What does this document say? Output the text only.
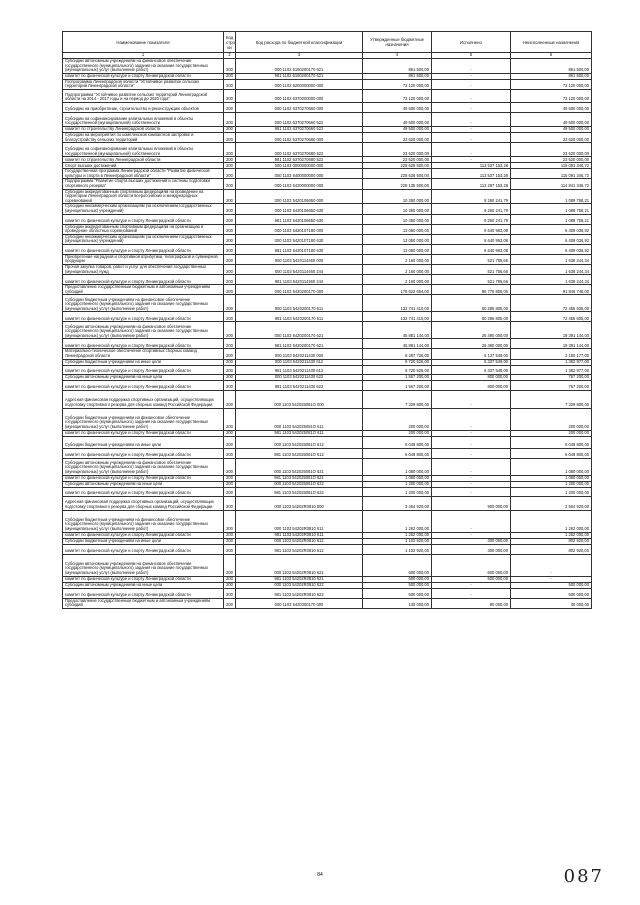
Наименование показателя	Код стро ки	Код расхода по бюджетной классификации	Утвержденные бюджетные назначения	Исполнено	Неисполненные назначения
1	2	3	4	5	6
Субсидии автономным учреждениям на финансовое обеспечение государственного (муниципального) задания на оказание государственных (муниципальных) услуг (выполнение работ)	200	000 1102 6160200170 621	861 500,00	-	861 500,00
комитет по физической культуре и спорту Ленинградской области	200	981 1102 6160200170 621	861 500,00	-	861 500,00
Госпрограмма Ленинградской области "Устойчивое развитие сельских территорий Ленинградской области"	200	000 1102 6200000000 000	73 120 000,00	-	73 120 000,00
Подпрограмма "Устойчивое развитие сельских территорий Ленинградской области на 2014 - 2017 годы и на период до 2020 года"	200	000 1102 6370000000 000	73 120 000,00	-	73 120 000,00
Субсидии на приобретение, строительство и реконструкцию объектов	200	000 1102 6370270660 000	49 500 000,00	-	49 500 000,00
Субсидии на софинансирование капитальных вложений в объекты государственной (муниципальной) собственности	200	000 1102 6370270660 522	49 500 000,00	-	49 500 000,00
комитет по строительству Ленинградской области	200	981 1102 6370270660 522	49 500 000,00	-	49 500 000,00
Субсидии на мероприятия по комплексной компактной застройке и благоустройству сельских территорий	200	000 1102 6370270680 000	23 620 000,00	-	23 620 000,00
Субсидии на софинансирование капитальных вложений в объекты государственной (муниципальной) собственности	200	000 1102 6370270680 522	23 620 000,00	-	23 620 000,00
комитет по строительству Ленинградской области	200	981 1102 6370270680 522	23 620 000,00	-	23 620 000,00
Спорт высших достижений	200	000 1103 0000000000 000	228 628 500,00	113 537 153,28	115 091 346,72
Государственная программа Ленинградской области "Развитие физической культуры и спорта в Ленинградской области"	200	000 1103 5400000000 000	228 628 500,00	113 537 153,28	115 091 346,72
Подпрограмма "Развитие спорта высших достижений и системы подготовки спортивного резерва"	200	000 1103 5420000000 000	228 135 500,00	113 297 153,28	114 841 346,72
Субсидии аккредитованным спортивным федерациям на проведение на территории Ленинградской области всероссийских и международных соревнований	200	000 1103 5420106650 000	10 350 000,00	9 260 241,79	1 089 758,21
Субсидии некоммерческим организациям (за исключением государственных (муниципальных) учреждений)	200	000 1103 5420106650 630	10 350 000,00	9 260 241,79	1 089 758,21
комитет по физической культуре и спорту Ленинградской области	200	981 1103 5420106650 630	10 350 000,00	9 260 241,79	1 089 758,21
Субсидии аккредитованным спортивным федерациям на организацию и проведение областных соревнований	200	000 1103 5420107180 000	13 050 000,00	6 640 963,08	6 409 036,92
Субсидии некоммерческим организациям (за исключением государственных (муниципальных) учреждений)	200	000 1103 5420107180 630	13 050 000,00	6 640 963,08	6 409 036,92
комитет по физической культуре и спорту Ленинградской области	200	981 1103 5420107180 630	13 050 000,00	6 640 963,08	6 409 036,92
Приобретение наградной и спортивной атрибутики, типографской и сувенирной продукции	200	000 1103 5420114460 000	2 160 000,00	521 755,66	1 638 244,34
Прочая закупка товаров, работ и услуг для обеспечения государственных (муниципальных) нужд	200	000 1103 5420114460 244	2 160 000,00	521 755,66	1 638 244,34
комитет по физической культуре и спорту Ленинградской области	200	981 1103 5420114460 244	2 160 000,00	521 755,66	1 638 244,34
Предоставление государственным бюджетным и автономным учреждениям субсидий	200	000 1103 5420200170 000	178 622 654,00	86 775 806,00	91 846 748,00
Субсидии бюджетным учреждениям на финансовое обеспечение государственного (муниципального) задания на оказание государственных (муниципальных) услуг (выполнение работ)	200	000 1103 5420200170 611	132 741 410,00	60 285 805,00	72 455 605,00
комитет по физической культуре и спорту Ленинградской области	200	981 1103 5420200170 611	132 741 410,00	60 285 805,00	72 455 605,00
Субсидии автономным учреждениям на финансовое обеспечение государственного (муниципального) задания на оказание государственных (муниципальных) услуг (выполнение работ)	200	000 1103 5420200170 621	45 881 144,00	26 490 000,00	19 391 144,00
комитет по физической культуре и спорту Ленинградской области	200	981 1103 5420200170 621	45 881 144,00	26 490 000,00	19 391 144,00
Материально-техническое обеспечение спортивных сборных команд Ленинградской области	200	000 1103 5420211430 000	8 287 726,00	6 137 549,00	2 150 177,00
Субсидии бюджетным учреждениям на иные цели	200	000 1103 5420211430 612	6 720 526,00	5 337 549,00	1 382 977,00
комитет по физической культуре и спорту Ленинградской области	200	981 1103 5420211430 612	6 720 526,00	5 337 549,00	1 382 977,00
Субсидии автономным учреждениям на иные цели	200	000 1103 5420211430 622	1 567 200,00	800 000,00	767 200,00
комитет по физической культуре и спорту Ленинградской области	200	981 1103 5420211430 622	1 567 200,00	800 000,00	767 200,00
Адресная финансовая поддержка спортивных организаций, осуществляющих подготовку спортивного резерва для сборных команд Российской Федерации	200	000 1103 542025081O 000	7 329 800,00	-	7 329 800,00
Субсидии бюджетным учреждениям на финансовое обеспечение государственного (муниципального) задания на оказание государственных (муниципальных) услуг (выполнение работ)	200	000 1103 542025081O 611	200 000,00	-	200 000,00
комитет по физической культуре и спорту Ленинградской области	200	981 1103 542025081O 611	200 000,00	-	200 000,00
Субсидии бюджетным учреждениям на иные цели	200	000 1103 542025081O 612	6 049 800,00	-	6 049 800,00
комитет по физической культуре и спорту Ленинградской области	200	981 1103 542025081O 612	6 049 800,00	-	6 049 800,00
Субсидии автономным учреждениям на финансовое обеспечение государственного (муниципального) задания на оказание государственных (муниципальных) услуг (выполнение работ)	200	000 1103 542025081O 621	1 080 000,00	-	1 080 000,00
комитет по физической культуре и спорту Ленинградской области	200	981 1103 542025081O 621	1 080 000,00	-	1 080 000,00
Субсидии автономным учреждениям на иные цели	200	000 1103 542025081O 622	1 200 000,00	-	1 200 000,00
комитет по физической культуре и спорту Ленинградской области	200	981 1103 542025081O 622	1 200 000,00	-	1 200 000,00
Адресная финансовая поддержка спортивных организаций, осуществляющих подготовку спортивного резерва для сборных команд Российской Федерации	200	000 1103 54202R0810 000	3 464 920,00	900 000,00	2 564 920,00
Субсидии бюджетным учреждениям на финансовое обеспечение государственного (муниципального) задания на оказание государственных (муниципальных) услуг (выполнение работ)	200	000 1103 54202R0810 611	1 262 000,00	-	1 262 000,00
комитет по физической культуре и спорту Ленинградской области	200	981 1103 54202R0810 611	1 262 000,00	-	1 262 000,00
Субсидии бюджетным учреждениям на иные цели	200	000 1103 54202R0810 612	1 102 920,00	300 000,00	802 920,00
комитет по физической культуре и спорту Ленинградской области	200	981 1103 54202R0810 612	1 102 920,00	300 000,00	802 920,00
Субсидии автономным учреждениям на финансовое обеспечение государственного (муниципального) задания на оказание государственных (муниципальных) услуг (выполнение работ)	200	000 1103 54202R0810 621	600 000,00	600 000,00	-
комитет по физической культуре и спорту Ленинградской области	200	981 1103 54202R0810 621	600 000,00	600 000,00	-
Субсидии автономным учреждениям на иные цели	200	000 1103 54202R0810 622	500 000,00	-	500 000,00
комитет по физической культуре и спорту Ленинградской области	200	981 1103 54202R0810 622	500 000,00	-	500 000,00
Предоставление государственным бюджетным и автономным учреждениям субсидий	200	000 1103 5420300170 000	130 000,00	90 000,00	40 000,00
84	087
